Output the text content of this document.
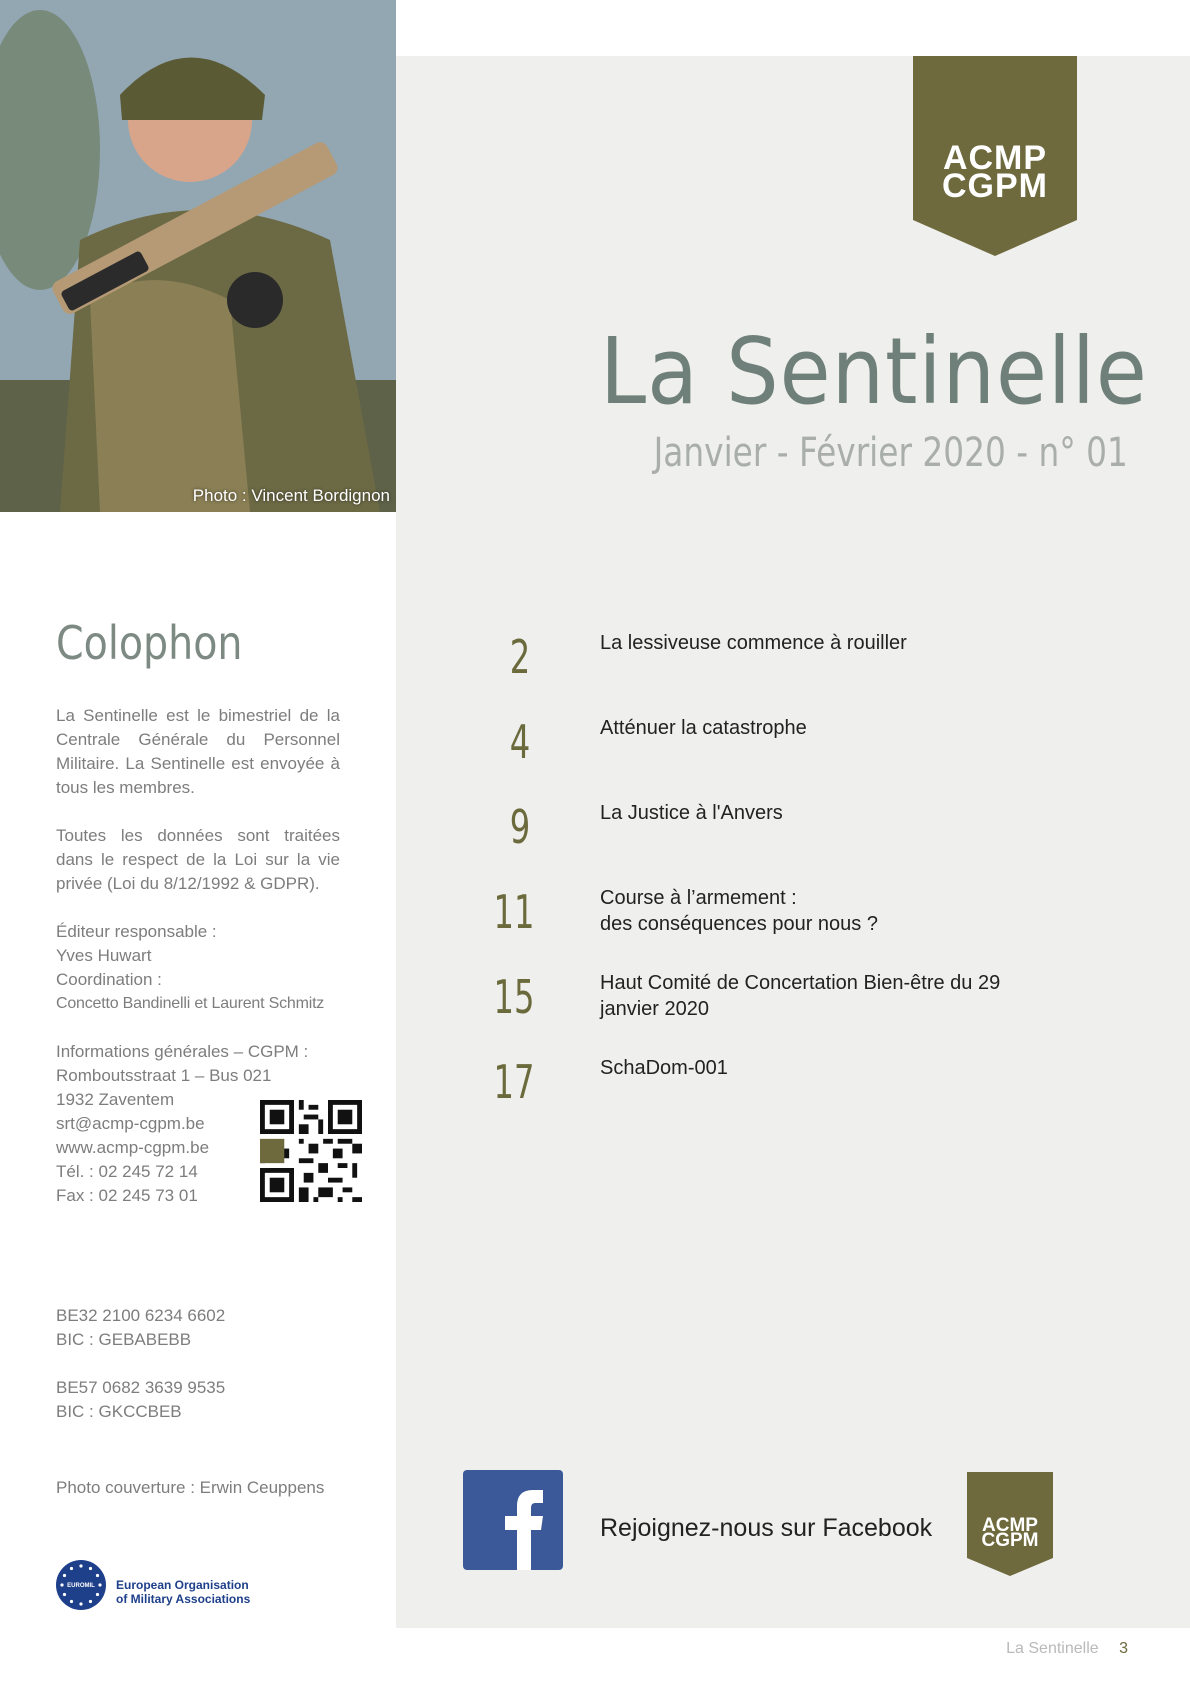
Photo : Vincent Bordignon
ACMP
CGPM
La Sentinelle
Janvier - Février 2020 - n° 01
Colophon
La Sentinelle est le bimestriel de la Centrale Générale du Personnel Militaire. La Sentinelle est envoyée à tous les membres.
Toutes les données sont traitées dans le respect de la Loi sur la vie privée (Loi du 8/12/1992 & GDPR).
Éditeur responsable :
Yves Huwart
Coordination :
Concetto Bandinelli et Laurent Schmitz
Informations générales – CGPM :
Romboutsstraat 1 – Bus 021
1932 Zaventem
srt@acmp-cgpm.be
www.acmp-cgpm.be
Tél. : 02 245 72 14
Fax : 02 245 73 01
BE32 2100 6234 6602
BIC : GEBABEBB
BE57 0682 3639 9535
BIC : GKCCBEB
Photo couverture : Erwin Ceuppens
2	La lessiveuse commence à rouiller
4	Atténuer la catastrophe
9	La Justice à l'Anvers
11	Course à l’armement :
des conséquences pour nous ?
15	Haut Comité de Concertation Bien-être du 29 janvier 2020
17	SchaDom-001
Rejoignez-nous sur Facebook	ACMP
CGPM
EUROMIL European Organisation
of Military Associations
La Sentinelle 3
